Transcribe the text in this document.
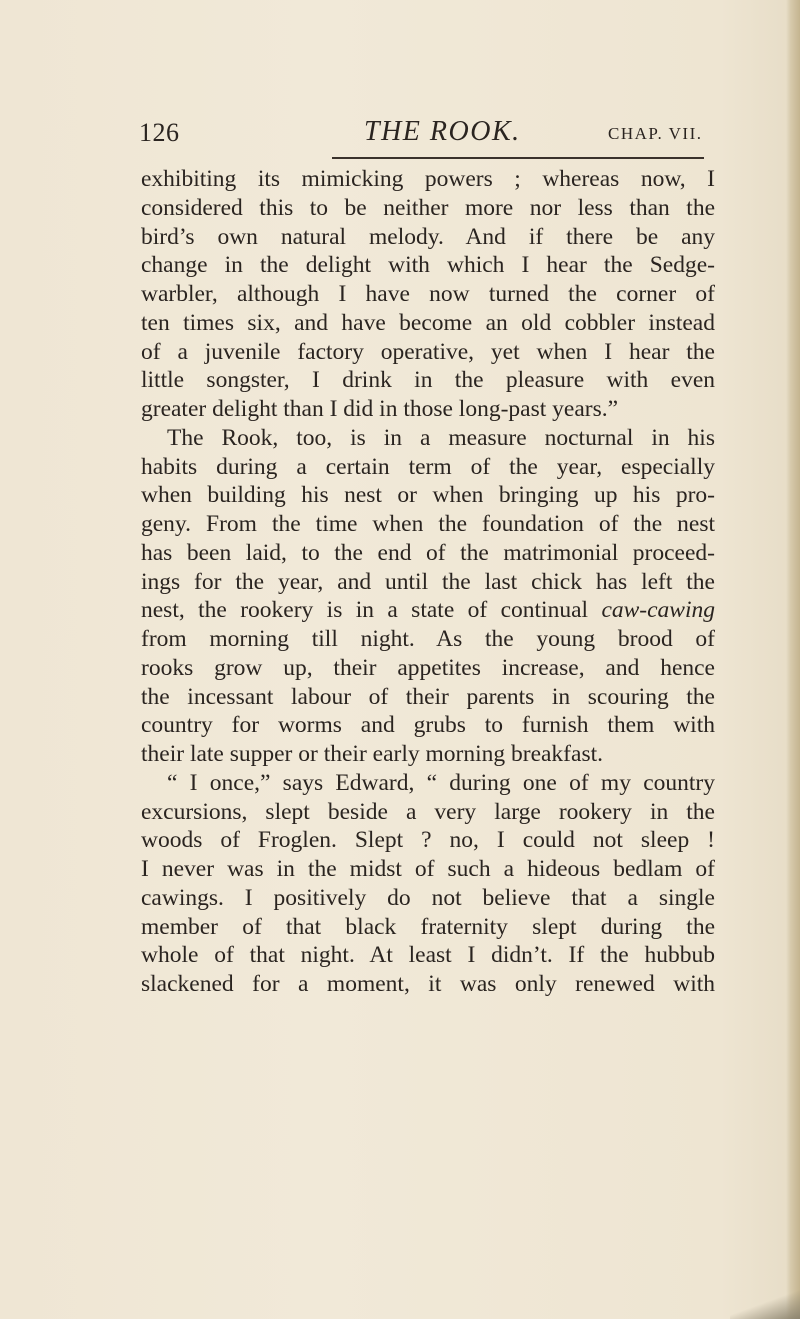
126	THE ROOK.	CHAP. VII.
exhibiting its mimicking powers ; whereas now, I
considered this to be neither more nor less than the
bird’s own natural melody. And if there be any
change in the delight with which I hear the Sedge-
warbler, although I have now turned the corner of
ten times six, and have become an old cobbler instead
of a juvenile factory operative, yet when I hear the
little songster, I drink in the pleasure with even
greater delight than I did in those long-past years.”
The Rook, too, is in a measure nocturnal in his
habits during a certain term of the year, especially
when building his nest or when bringing up his pro-
geny. From the time when the foundation of the nest
has been laid, to the end of the matrimonial proceed-
ings for the year, and until the last chick has left the
nest, the rookery is in a state of continual caw-cawing
from morning till night. As the young brood of
rooks grow up, their appetites increase, and hence
the incessant labour of their parents in scouring the
country for worms and grubs to furnish them with
their late supper or their early morning breakfast.
“ I once,” says Edward, “ during one of my country
excursions, slept beside a very large rookery in the
woods of Froglen. Slept ? no, I could not sleep !
I never was in the midst of such a hideous bedlam of
cawings. I positively do not believe that a single
member of that black fraternity slept during the
whole of that night. At least I didn’t. If the hubbub
slackened for a moment, it was only renewed with
